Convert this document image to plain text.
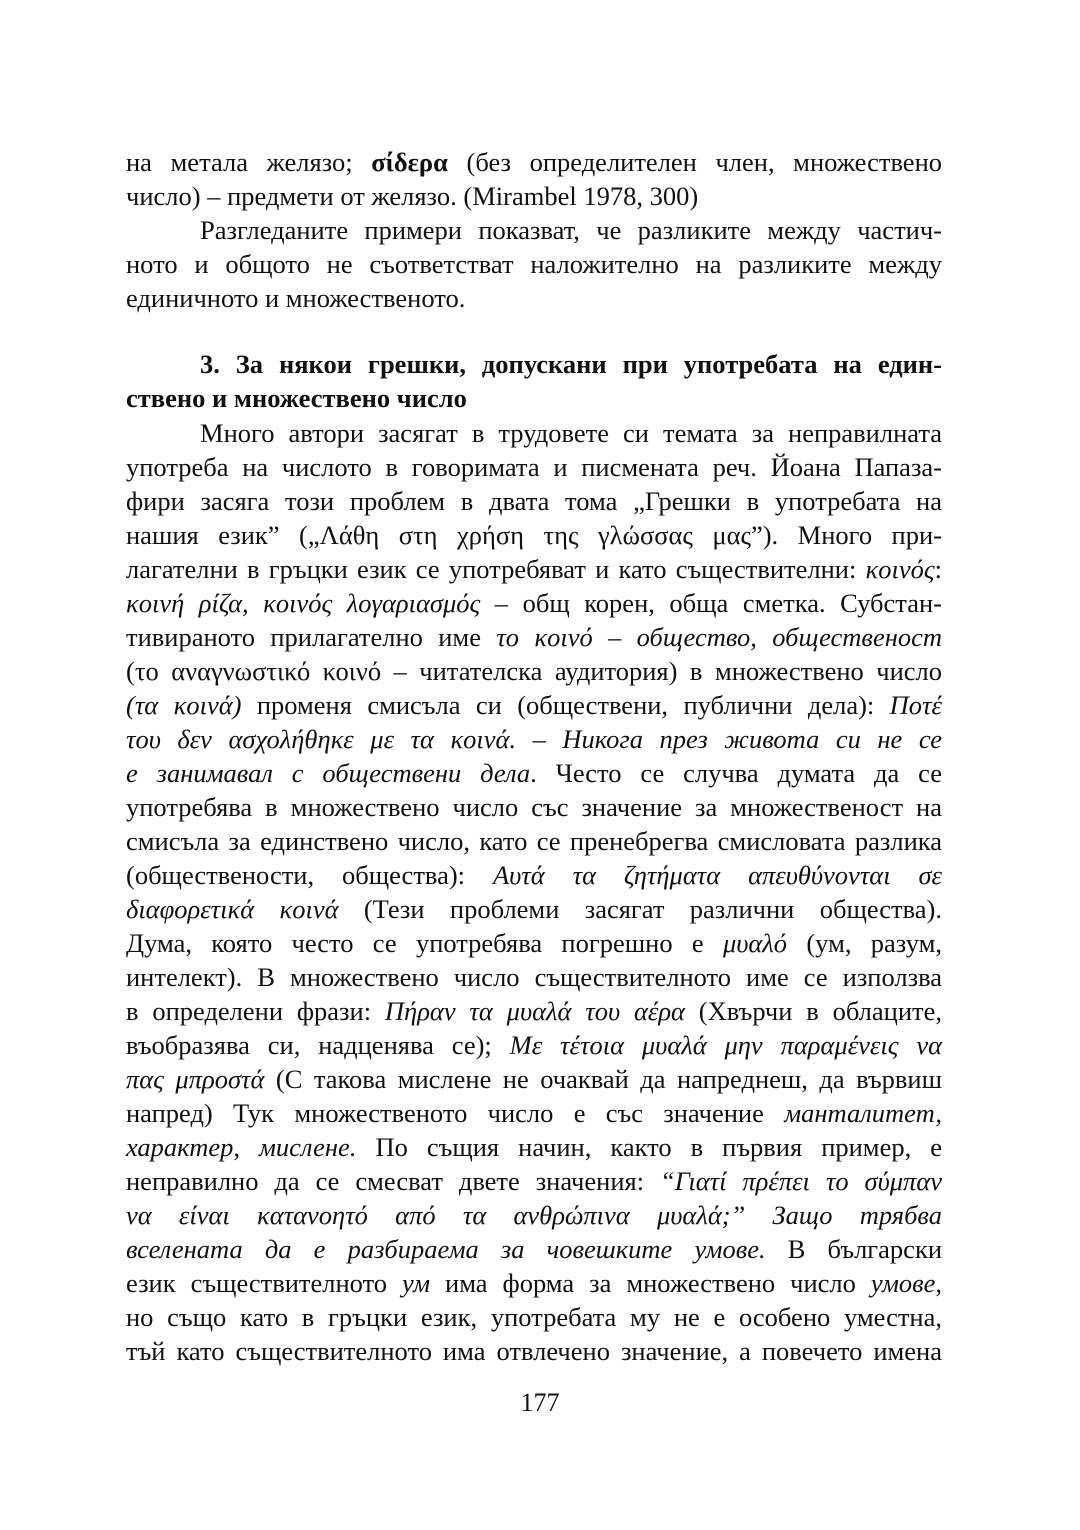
на метала желязо; σίδερα (без определителен член, множествено
число) – предмети от желязо. (Mirambel 1978, 300)
Разгледаните примери показват, че разликите между частич-
ното и общото не съответстват наложително на разликите между
единичното и множественото.
3. За някои грешки, допускани при употребата на един-
ствено и множествено число
Много автори засягат в трудовете си темата за неправилната
употреба на числото в говоримата и писмената реч. Йоана Папаза-
фири засяга този проблем в двата тома „Грешки в употребата на
нашия език” („Λάθη στη χρήση της γλώσσας μας”). Много при-
лагателни в гръцки език се употребяват и като съществителни: κοινός:
κοινή ρίζα, κοινός λογαριασμός – общ корен, обща сметка. Субстан-
тивираното прилагателно име το κοινό – общество, общественост
(το αναγνωστικό κοινό – читателска аудитория) в множествено число
(τα κοινά) променя смисъла си (обществени, публични дела): Ποτέ
του δεν ασχολήθηκε με τα κοινά. – Никога през живота си не се
е занимавал с обществени дела. Често се случва думата да се
употребява в множествено число със значение за множественост на
смисъла за единствено число, като се пренебрегва смисловата разлика
(обществености, общества): Αυτά τα ζητήματα απευθύνονται σε
διαφορετικά κοινά (Тези проблеми засягат различни общества).
Дума, която често се употребява погрешно е μυαλό (ум, разум,
интелект). В множествено число съществителното име се използва
в определени фрази: Πήραν τα μυαλά του αέρα (Хвърчи в облаците,
въобразява си, надценява се); Με τέτοια μυαλά μην παραμένεις να
πας μπροστά (С такова мислене не очаквай да напреднеш, да вървиш
напред) Тук множественото число е със значение манталитет,
характер, мислене. По същия начин, както в първия пример, е
неправилно да се смесват двете значения: “Γιατί πρέπει το σύμπαν
να είναι κατανοητό από τα ανθρώπινα μυαλά;” Защо трябва
вселената да е разбираема за човешките умове. В български
език съществителното ум има форма за множествено число умове,
но също като в гръцки език, употребата му не е особено уместна,
тъй като съществителното има отвлечено значение, а повечето имена
177
